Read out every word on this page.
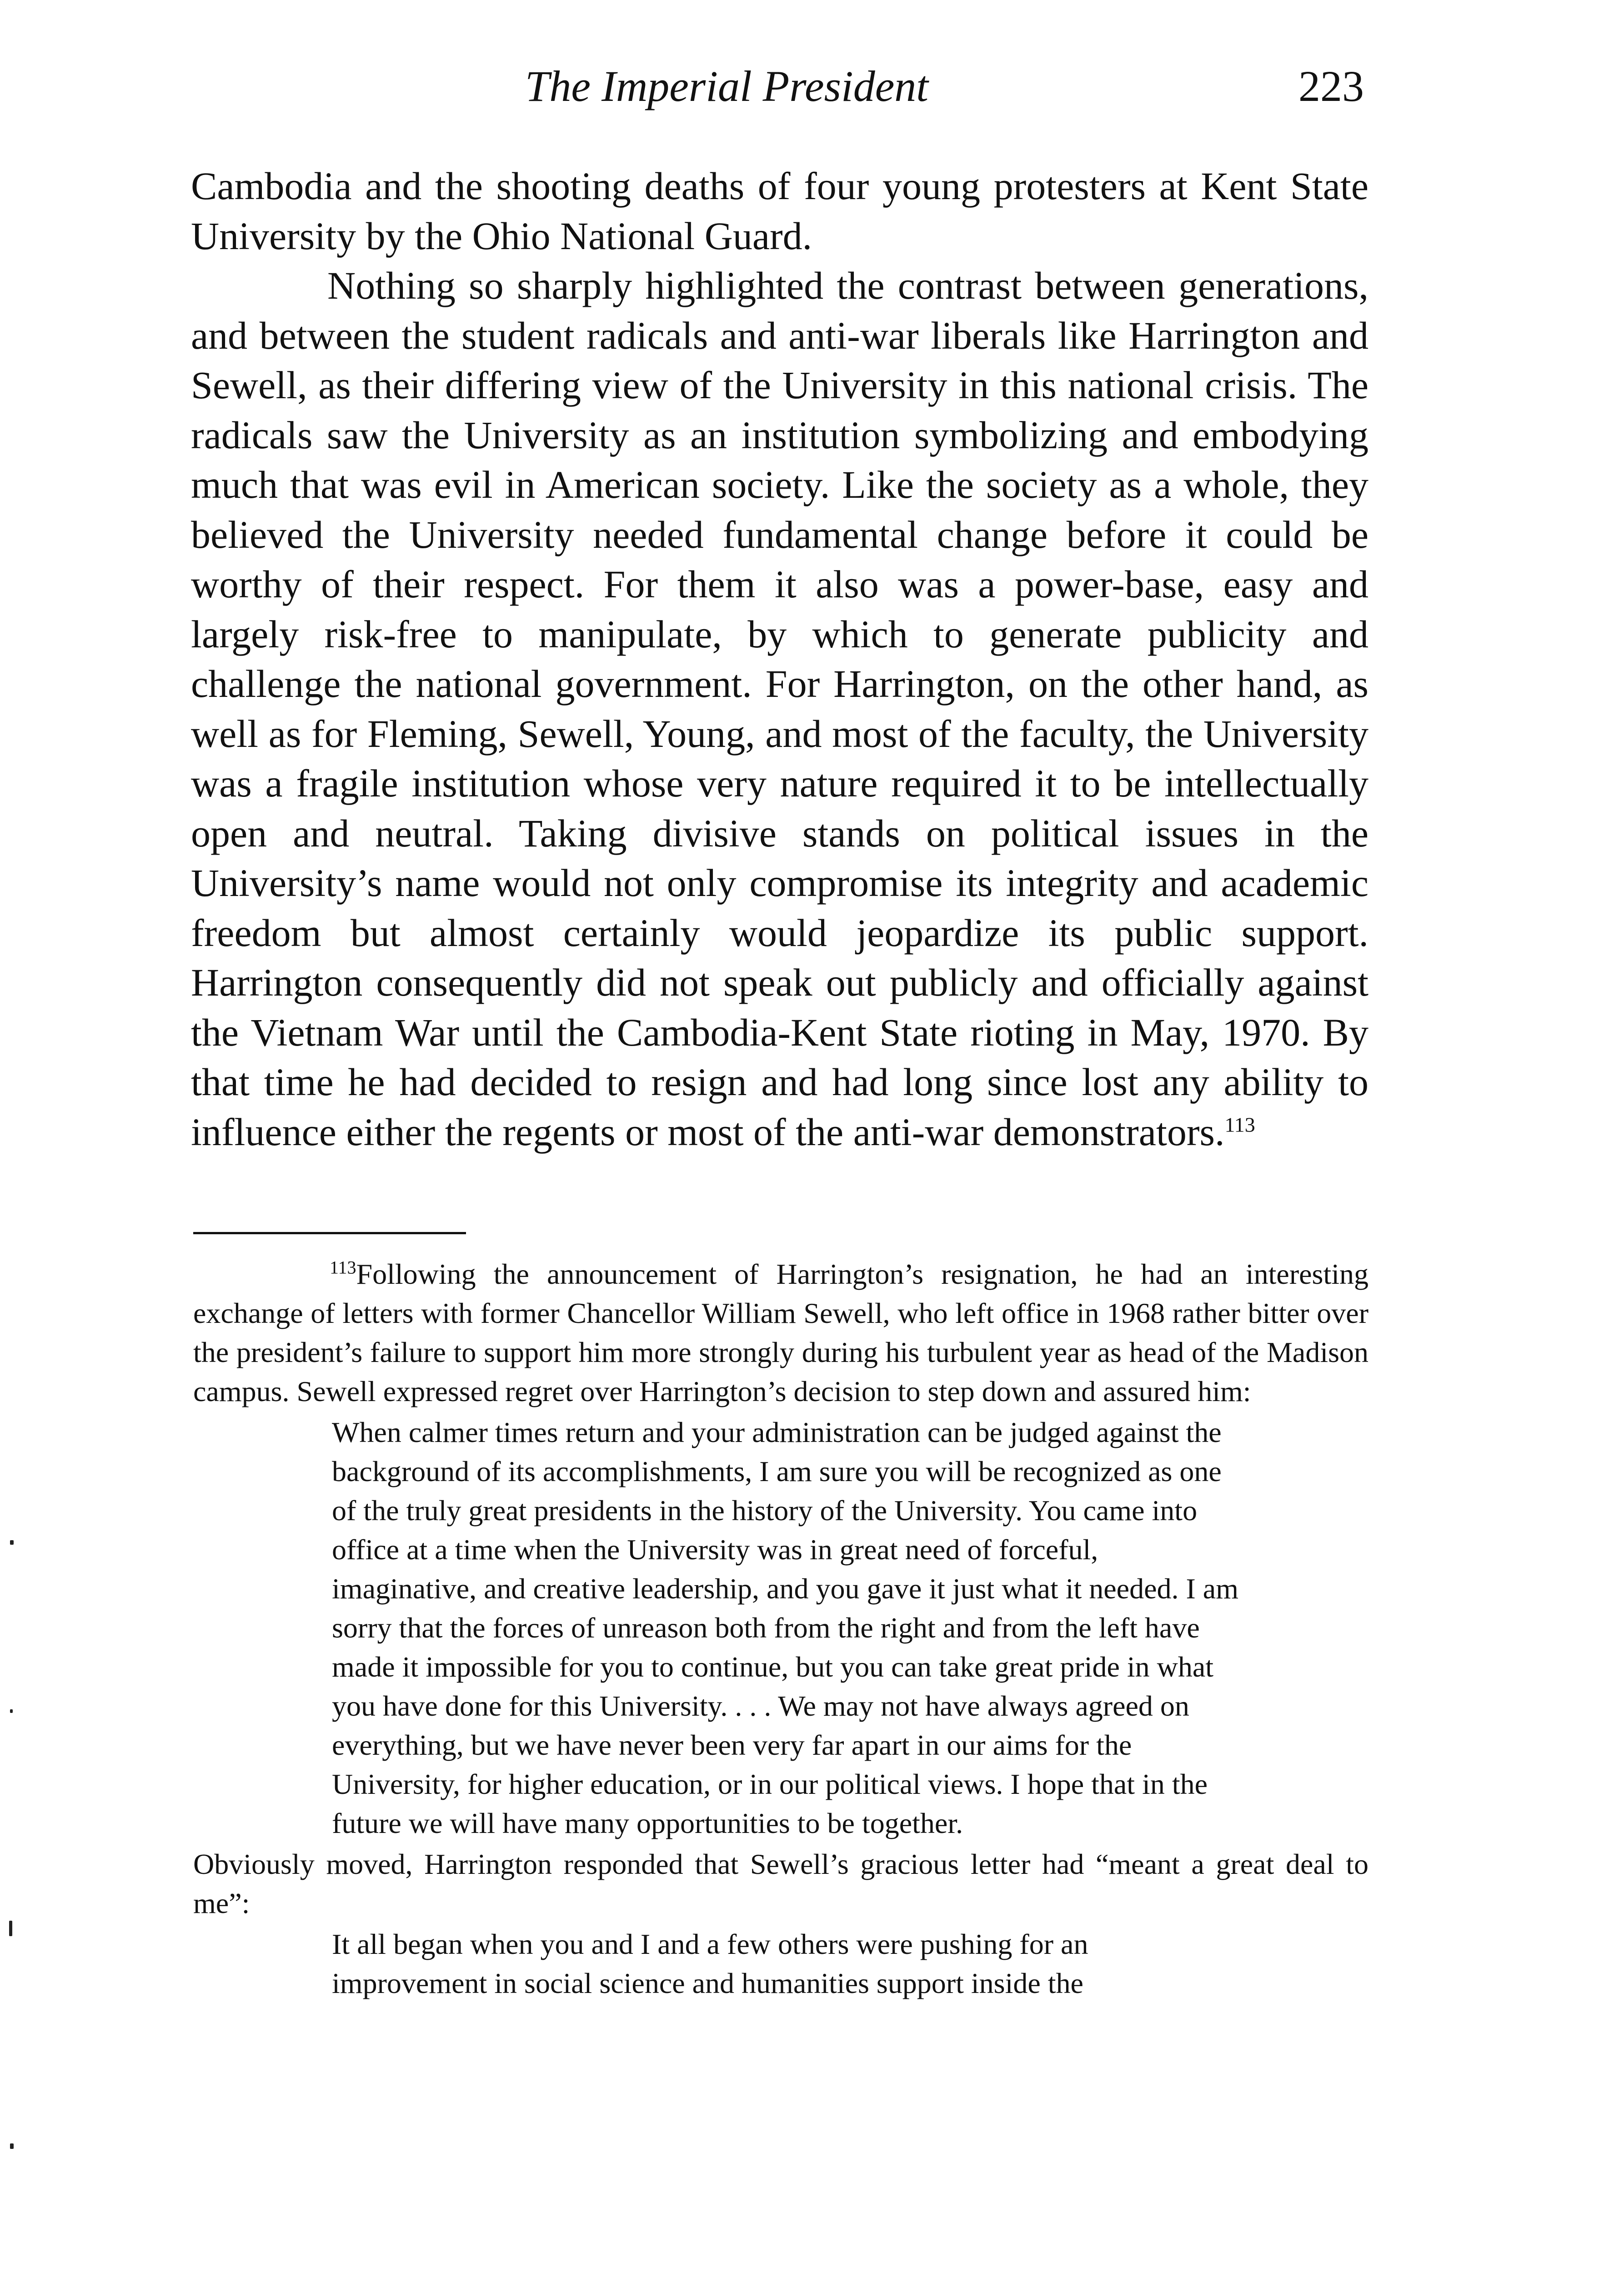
The Imperial President	223

Cambodia and the shooting deaths of four young protesters at Kent State University by the Ohio National Guard.

Nothing so sharply highlighted the contrast between generations, and between the student radicals and anti-war liberals like Harrington and Sewell, as their differing view of the University in this national crisis. The radicals saw the University as an institution symbolizing and embodying much that was evil in American society. Like the society as a whole, they believed the University needed fundamental change before it could be worthy of their respect. For them it also was a power-base, easy and largely risk-free to manipulate, by which to generate publicity and challenge the national government. For Harrington, on the other hand, as well as for Fleming, Sewell, Young, and most of the faculty, the University was a fragile institution whose very nature required it to be intellectually open and neutral. Taking divisive stands on political issues in the University’s name would not only compromise its integrity and academic freedom but almost certainly would jeopardize its public support. Harrington consequently did not speak out publicly and officially against the Vietnam War until the Cambodia-Kent State rioting in May, 1970. By that time he had decided to resign and had long since lost any ability to influence either the regents or most of the anti-war demonstrators.$^{113}$

$^{113}$Following the announcement of Harrington’s resignation, he had an interesting exchange of letters with former Chancellor William Sewell, who left office in 1968 rather bitter over the president’s failure to support him more strongly during his turbulent year as head of the Madison campus. Sewell expressed regret over Harrington’s decision to step down and assured him:

When calmer times return and your administration can be judged against the background of its accomplishments, I am sure you will be recognized as one of the truly great presidents in the history of the University. You came into office at a time when the University was in great need of forceful, imaginative, and creative leadership, and you gave it just what it needed. I am sorry that the forces of unreason both from the right and from the left have made it impossible for you to continue, but you can take great pride in what you have done for this University. . . . We may not have always agreed on everything, but we have never been very far apart in our aims for the University, for higher education, or in our political views. I hope that in the future we will have many opportunities to be together.

Obviously moved, Harrington responded that Sewell’s gracious letter had “meant a great deal to me”:

It all began when you and I and a few others were pushing for an improvement in social science and humanities support inside the
